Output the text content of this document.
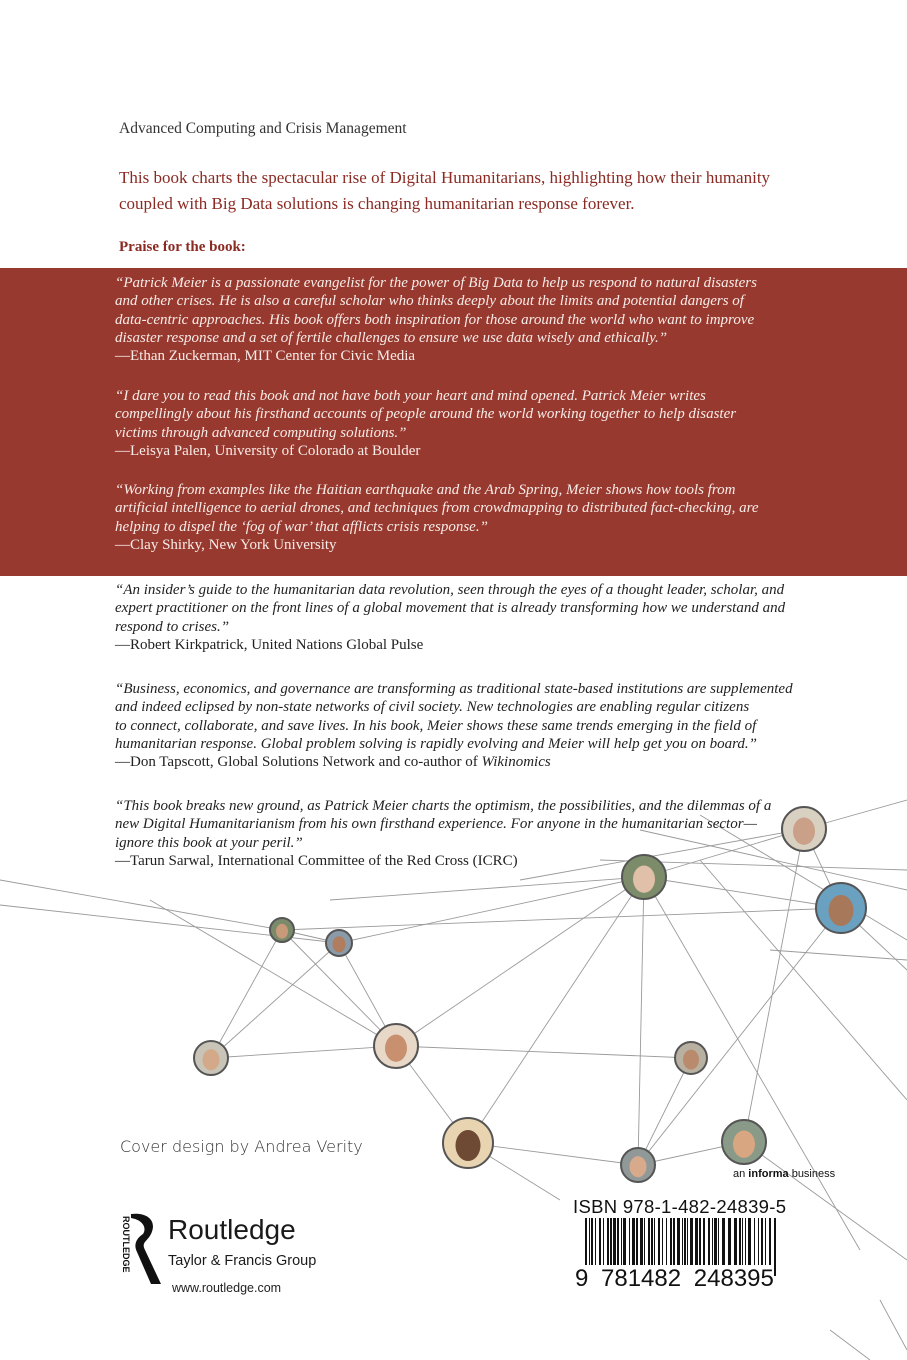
Advanced Computing and Crisis Management
This book charts the spectacular rise of Digital Humanitarians, highlighting how their humanity
coupled with Big Data solutions is changing humanitarian response forever.
Praise for the book:
“Patrick Meier is a passionate evangelist for the power of Big Data to help us respond to natural disasters
and other crises. He is also a careful scholar who thinks deeply about the limits and potential dangers of
data-centric approaches. His book offers both inspiration for those around the world who want to improve
disaster response and a set of fertile challenges to ensure we use data wisely and ethically.”
—Ethan Zuckerman, MIT Center for Civic Media
“I dare you to read this book and not have both your heart and mind opened. Patrick Meier writes
compellingly about his firsthand accounts of people around the world working together to help disaster
victims through advanced computing solutions.”
—Leisya Palen, University of Colorado at Boulder
“Working from examples like the Haitian earthquake and the Arab Spring, Meier shows how tools from
artificial intelligence to aerial drones, and techniques from crowdmapping to distributed fact-checking, are
helping to dispel the ‘fog of war’ that afflicts crisis response.”
—Clay Shirky, New York University
“An insider’s guide to the humanitarian data revolution, seen through the eyes of a thought leader, scholar, and
expert practitioner on the front lines of a global movement that is already transforming how we understand and
respond to crises.”
—Robert Kirkpatrick, United Nations Global Pulse
“Business, economics, and governance are transforming as traditional state-based institutions are supplemented
and indeed eclipsed by non-state networks of civil society. New technologies are enabling regular citizens
to connect, collaborate, and save lives. In his book, Meier shows these same trends emerging in the field of
humanitarian response. Global problem solving is rapidly evolving and Meier will help get you on board.”
—Don Tapscott, Global Solutions Network and co-author of Wikinomics
“This book breaks new ground, as Patrick Meier charts the optimism, the possibilities, and the dilemmas of a
new Digital Humanitarianism from his own firsthand experience. For anyone in the humanitarian sector—
ignore this book at your peril.”
—Tarun Sarwal, International Committee of the Red Cross (ICRC)
Cover design by Andrea Verity
ROUTLEDGE Routledge
Taylor & Francis Group
www.routledge.com
an informa business
ISBN 978-1-482-24839-5
9 781482 248395
